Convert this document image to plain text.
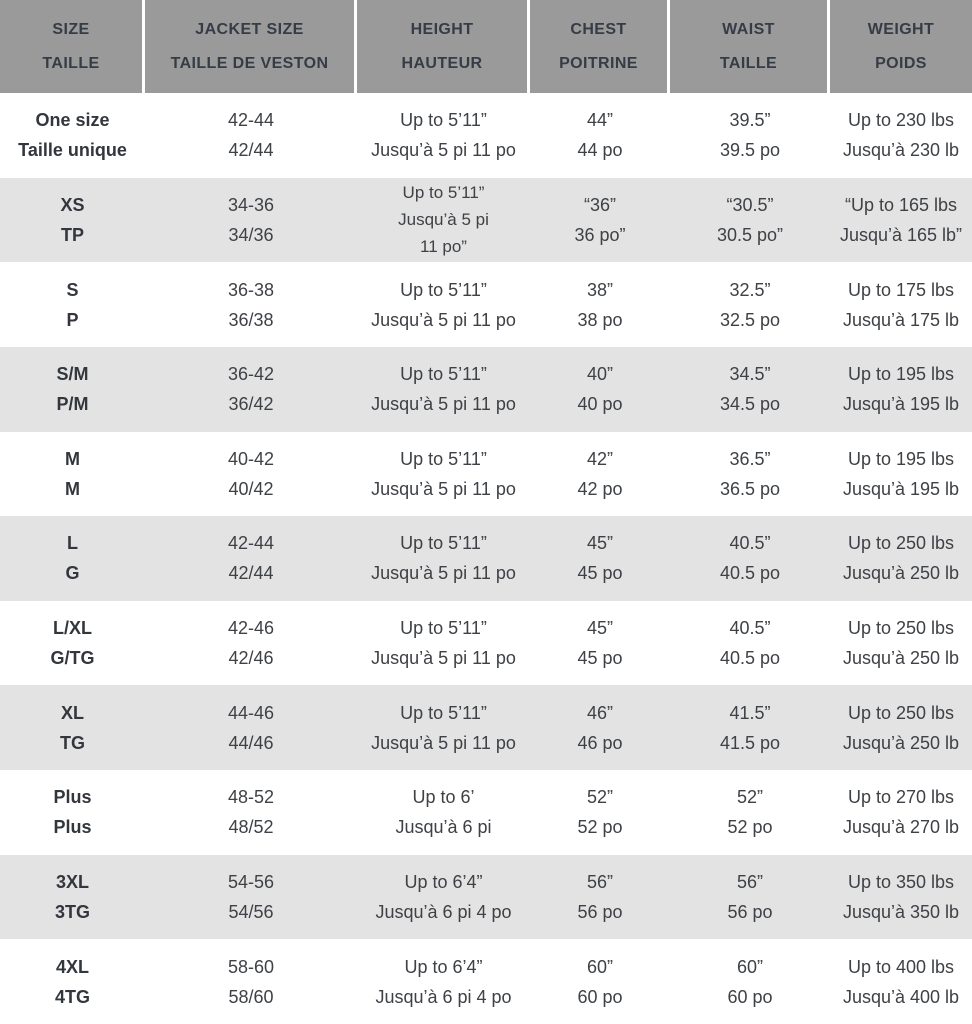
SIZE
TAILLE
JACKET SIZE
TAILLE DE VESTON
HEIGHT
HAUTEUR
CHEST
POITRINE
WAIST
TAILLE
WEIGHT
POIDS
One size
Taille unique
42-44
42/44
Up to 5’11”
Jusqu’à 5 pi 11 po
44”
44 po
39.5”
39.5 po
Up to 230 lbs
Jusqu’à 230 lb
XS
TP
34-36
34/36
Up to 5’11”
Jusqu’à 5 pi
11 po”
“36”
36 po”
“30.5”
30.5 po”
“Up to 165 lbs
Jusqu’à 165 lb”
S
P
36-38
36/38
Up to 5’11”
Jusqu’à 5 pi 11 po
38”
38 po
32.5”
32.5 po
Up to 175 lbs
Jusqu’à 175 lb
S/M
P/M
36-42
36/42
Up to 5’11”
Jusqu’à 5 pi 11 po
40”
40 po
34.5”
34.5 po
Up to 195 lbs
Jusqu’à 195 lb
M
M
40-42
40/42
Up to 5’11”
Jusqu’à 5 pi 11 po
42”
42 po
36.5”
36.5 po
Up to 195 lbs
Jusqu’à 195 lb
L
G
42-44
42/44
Up to 5’11”
Jusqu’à 5 pi 11 po
45”
45 po
40.5”
40.5 po
Up to 250 lbs
Jusqu’à 250 lb
L/XL
G/TG
42-46
42/46
Up to 5’11”
Jusqu’à 5 pi 11 po
45”
45 po
40.5”
40.5 po
Up to 250 lbs
Jusqu’à 250 lb
XL
TG
44-46
44/46
Up to 5’11”
Jusqu’à 5 pi 11 po
46”
46 po
41.5”
41.5 po
Up to 250 lbs
Jusqu’à 250 lb
Plus
Plus
48-52
48/52
Up to 6’
Jusqu’à 6 pi
52”
52 po
52”
52 po
Up to 270 lbs
Jusqu’à 270 lb
3XL
3TG
54-56
54/56
Up to 6’4”
Jusqu’à 6 pi 4 po
56”
56 po
56”
56 po
Up to 350 lbs
Jusqu’à 350 lb
4XL
4TG
58-60
58/60
Up to 6’4”
Jusqu’à 6 pi 4 po
60”
60 po
60”
60 po
Up to 400 lbs
Jusqu’à 400 lb
